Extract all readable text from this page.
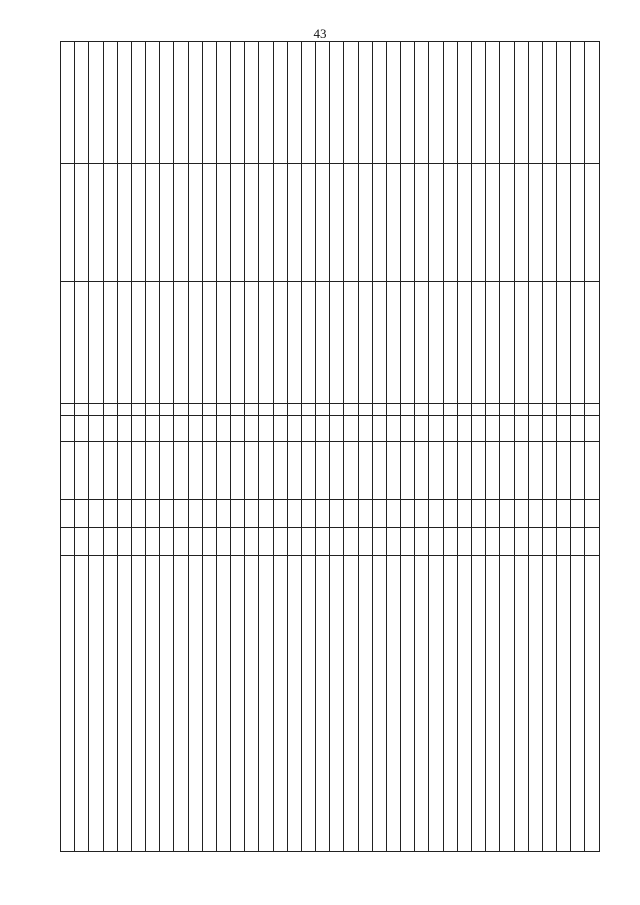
43
